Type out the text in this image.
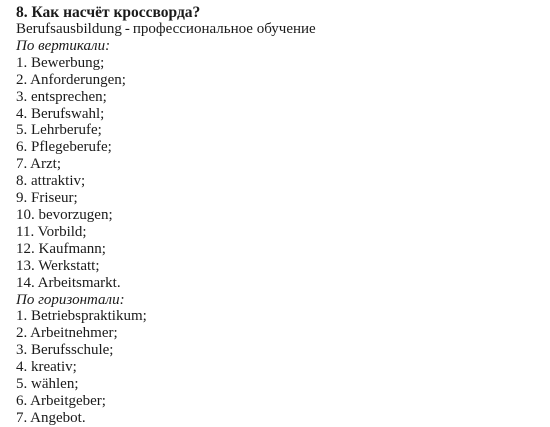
8. Как насчёт кроссворда?
Berufsausbildung - профессиональное обучение
По вертикали:
1. Bewerbung;
2. Anforderungen;
3. entsprechen;
4. Berufswahl;
5. Lehrberufe;
6. Pflegeberufe;
7. Arzt;
8. attraktiv;
9. Friseur;
10. bevorzugen;
11. Vorbild;
12. Kaufmann;
13. Werkstatt;
14. Arbeitsmarkt.
По горизонтали:
1. Betriebspraktikum;
2. Arbeitnehmer;
3. Berufsschule;
4. kreativ;
5. wählen;
6. Arbeitgeber;
7. Angebot.
